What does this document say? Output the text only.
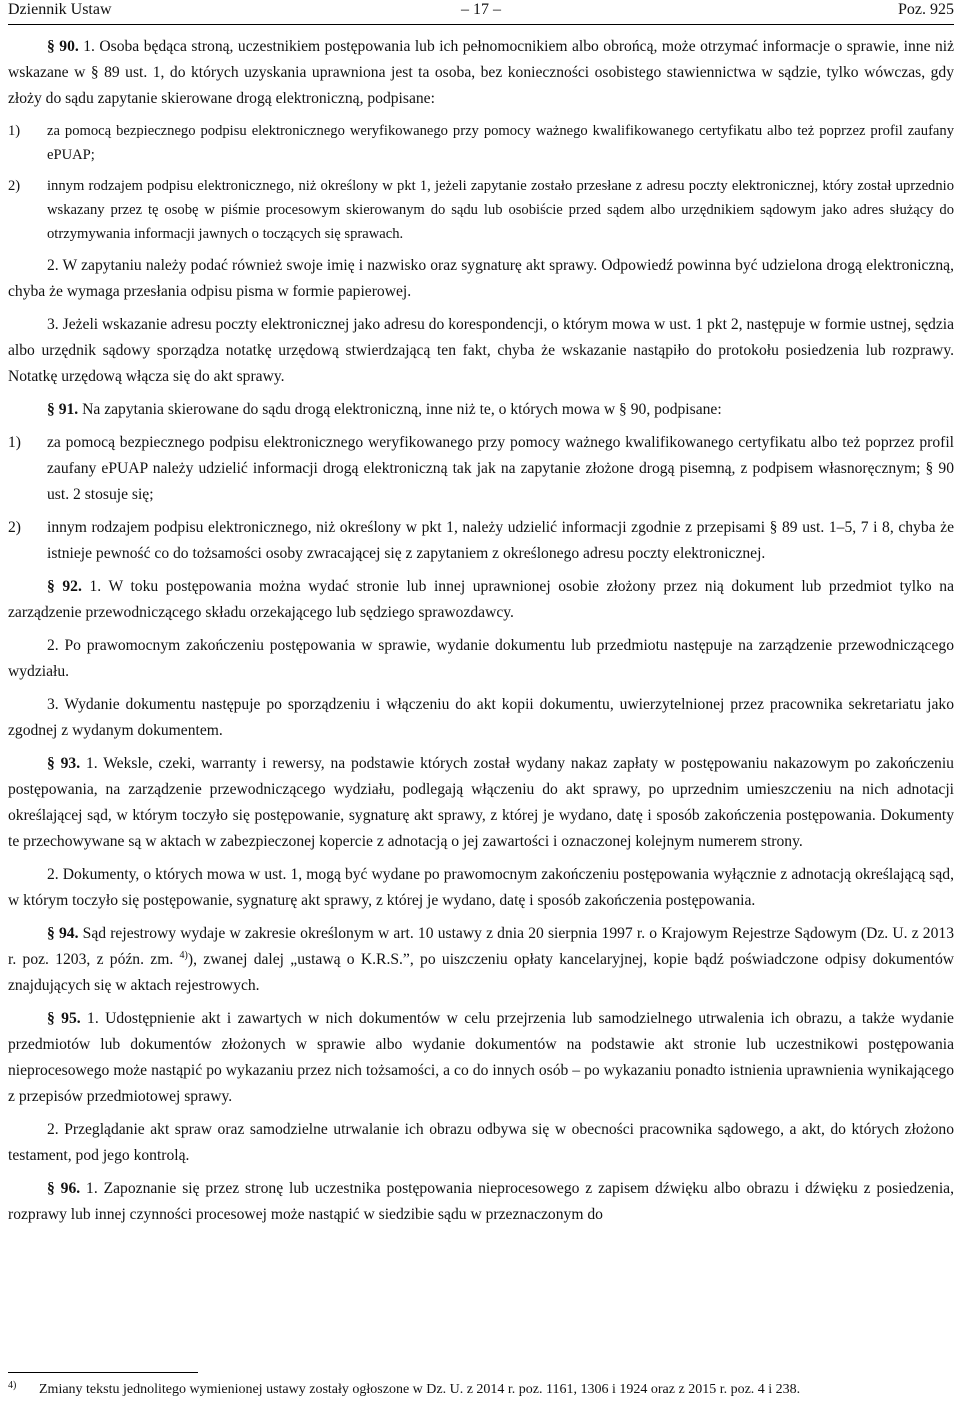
Dziennik Ustaw	– 17 –	Poz. 925

§ 90. 1. Osoba będąca stroną, uczestnikiem postępowania lub ich pełnomocnikiem albo obrońcą, może otrzymać informacje o sprawie, inne niż wskazane w § 89 ust. 1, do których uzyskania uprawniona jest ta osoba, bez konieczności osobistego stawiennictwa w sądzie, tylko wówczas, gdy złoży do sądu zapytanie skierowane drogą elektroniczną, podpisane:

1) za pomocą bezpiecznego podpisu elektronicznego weryfikowanego przy pomocy ważnego kwalifikowanego certyfikatu albo też poprzez profil zaufany ePUAP;
2) innym rodzajem podpisu elektronicznego, niż określony w pkt 1, jeżeli zapytanie zostało przesłane z adresu poczty elektronicznej, który został uprzednio wskazany przez tę osobę w piśmie procesowym skierowanym do sądu lub osobiście przed sądem albo urzędnikiem sądowym jako adres służący do otrzymywania informacji jawnych o toczących się sprawach.

2. W zapytaniu należy podać również swoje imię i nazwisko oraz sygnaturę akt sprawy. Odpowiedź powinna być udzielona drogą elektroniczną, chyba że wymaga przesłania odpisu pisma w formie papierowej.

3. Jeżeli wskazanie adresu poczty elektronicznej jako adresu do korespondencji, o którym mowa w ust. 1 pkt 2, następuje w formie ustnej, sędzia albo urzędnik sądowy sporządza notatkę urzędową stwierdzającą ten fakt, chyba że wskazanie nastąpiło do protokołu posiedzenia lub rozprawy. Notatkę urzędową włącza się do akt sprawy.

§ 91. Na zapytania skierowane do sądu drogą elektroniczną, inne niż te, o których mowa w § 90, podpisane:

1) za pomocą bezpiecznego podpisu elektronicznego weryfikowanego przy pomocy ważnego kwalifikowanego certyfikatu albo też poprzez profil zaufany ePUAP należy udzielić informacji drogą elektroniczną tak jak na zapytanie złożone drogą pisemną, z podpisem własnoręcznym; § 90 ust. 2 stosuje się;
2) innym rodzajem podpisu elektronicznego, niż określony w pkt 1, należy udzielić informacji zgodnie z przepisami § 89 ust. 1–5, 7 i 8, chyba że istnieje pewność co do tożsamości osoby zwracającej się z zapytaniem z określonego adresu poczty elektronicznej.

§ 92. 1. W toku postępowania można wydać stronie lub innej uprawnionej osobie złożony przez nią dokument lub przedmiot tylko na zarządzenie przewodniczącego składu orzekającego lub sędziego sprawozdawcy.

2. Po prawomocnym zakończeniu postępowania w sprawie, wydanie dokumentu lub przedmiotu następuje na zarządzenie przewodniczącego wydziału.

3. Wydanie dokumentu następuje po sporządzeniu i włączeniu do akt kopii dokumentu, uwierzytelnionej przez pracownika sekretariatu jako zgodnej z wydanym dokumentem.

§ 93. 1. Weksle, czeki, warranty i rewersy, na podstawie których został wydany nakaz zapłaty w postępowaniu nakazowym po zakończeniu postępowania, na zarządzenie przewodniczącego wydziału, podlegają włączeniu do akt sprawy, po uprzednim umieszczeniu na nich adnotacji określającej sąd, w którym toczyło się postępowanie, sygnaturę akt sprawy, z której je wydano, datę i sposób zakończenia postępowania. Dokumenty te przechowywane są w aktach w zabezpieczonej kopercie z adnotacją o jej zawartości i oznaczonej kolejnym numerem strony.

2. Dokumenty, o których mowa w ust. 1, mogą być wydane po prawomocnym zakończeniu postępowania wyłącznie z adnotacją określającą sąd, w którym toczyło się postępowanie, sygnaturę akt sprawy, z której je wydano, datę i sposób zakończenia postępowania.

§ 94. Sąd rejestrowy wydaje w zakresie określonym w art. 10 ustawy z dnia 20 sierpnia 1997 r. o Krajowym Rejestrze Sądowym (Dz. U. z 2013 r. poz. 1203, z późn. zm. $^{4)}$), zwanej dalej „ustawą o K.R.S.”, po uiszczeniu opłaty kancelaryjnej, kopie bądź poświadczone odpisy dokumentów znajdujących się w aktach rejestrowych.

§ 95. 1. Udostępnienie akt i zawartych w nich dokumentów w celu przejrzenia lub samodzielnego utrwalenia ich obrazu, a także wydanie przedmiotów lub dokumentów złożonych w sprawie albo wydanie dokumentów na podstawie akt stronie lub uczestnikowi postępowania nieprocesowego może nastąpić po wykazaniu przez nich tożsamości, a co do innych osób – po wykazaniu ponadto istnienia uprawnienia wynikającego z przepisów przedmiotowej sprawy.

2. Przeglądanie akt spraw oraz samodzielne utrwalanie ich obrazu odbywa się w obecności pracownika sądowego, a akt, do których złożono testament, pod jego kontrolą.

§ 96. 1. Zapoznanie się przez stronę lub uczestnika postępowania nieprocesowego z zapisem dźwięku albo obrazu i dźwięku z posiedzenia, rozprawy lub innej czynności procesowej może nastąpić w siedzibie sądu w przeznaczonym do

4)	Zmiany tekstu jednolitego wymienionej ustawy zostały ogłoszone w Dz. U. z 2014 r. poz. 1161, 1306 i 1924 oraz z 2015 r. poz. 4 i 238.
